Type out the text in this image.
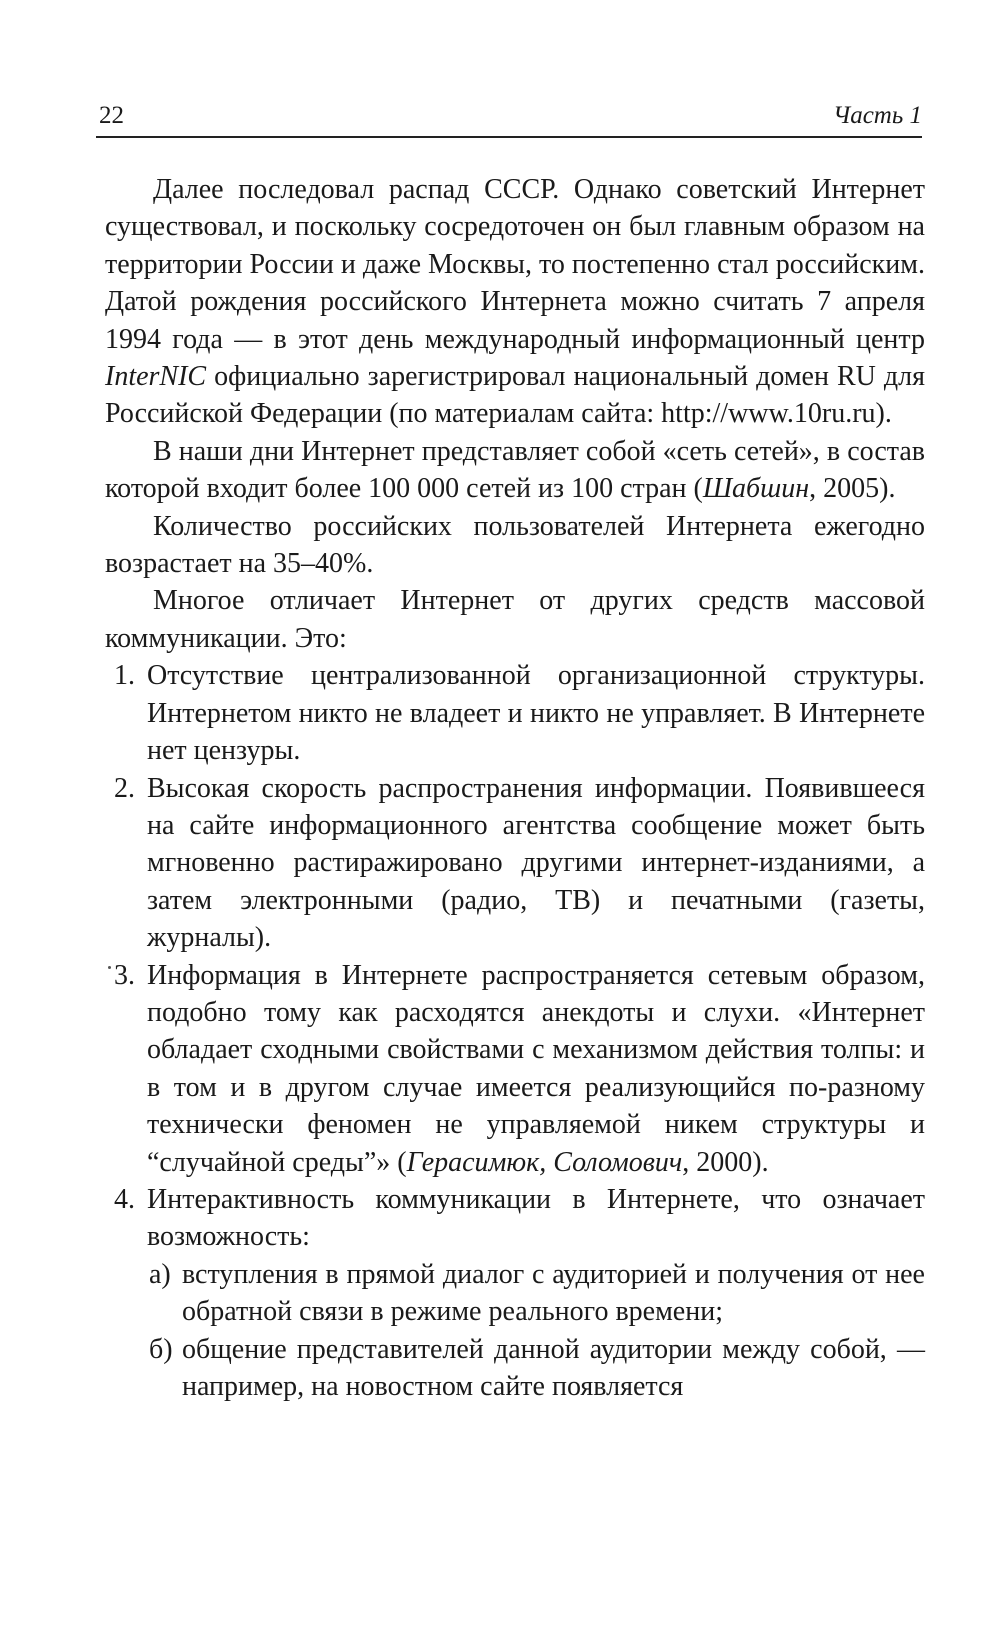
22	Часть 1

Далее последовал распад СССР. Однако советский Интернет существовал, и поскольку сосредоточен он был главным образом на территории России и даже Москвы, то постепенно стал российским. Датой рождения российского Интернета можно считать 7 апреля 1994 года — в этот день международный информационный центр InterNIC официально зарегистрировал национальный домен RU для Российской Федерации (по материалам сайта: http://www.10ru.ru).

В наши дни Интернет представляет собой «сеть сетей», в состав которой входит более 100 000 сетей из 100 стран (Шабшин, 2005).

Количество российских пользователей Интернета ежегодно возрастает на 35–40%.

Многое отличает Интернет от других средств массовой коммуникации. Это:

1. Отсутствие централизованной организационной структуры. Интернетом никто не владеет и никто не управляет. В Интернете нет цензуры.
2. Высокая скорость распространения информации. Появившееся на сайте информационного агентства сообщение может быть мгновенно растиражировано другими интернет-изданиями, а затем электронными (радио, ТВ) и печатными (газеты, журналы).
3. Информация в Интернете распространяется сетевым образом, подобно тому как расходятся анекдоты и слухи. «Интернет обладает сходными свойствами с механизмом действия толпы: и в том и в другом случае имеется реализующийся по-разному технически феномен не управляемой никем структуры и “случайной среды”» (Герасимюк, Соломович, 2000).
4. Интерактивность коммуникации в Интернете, что означает возможность:
а) вступления в прямой диалог с аудиторией и получения от нее обратной связи в режиме реального времени;
б) общение представителей данной аудитории между собой, — например, на новостном сайте появляется
